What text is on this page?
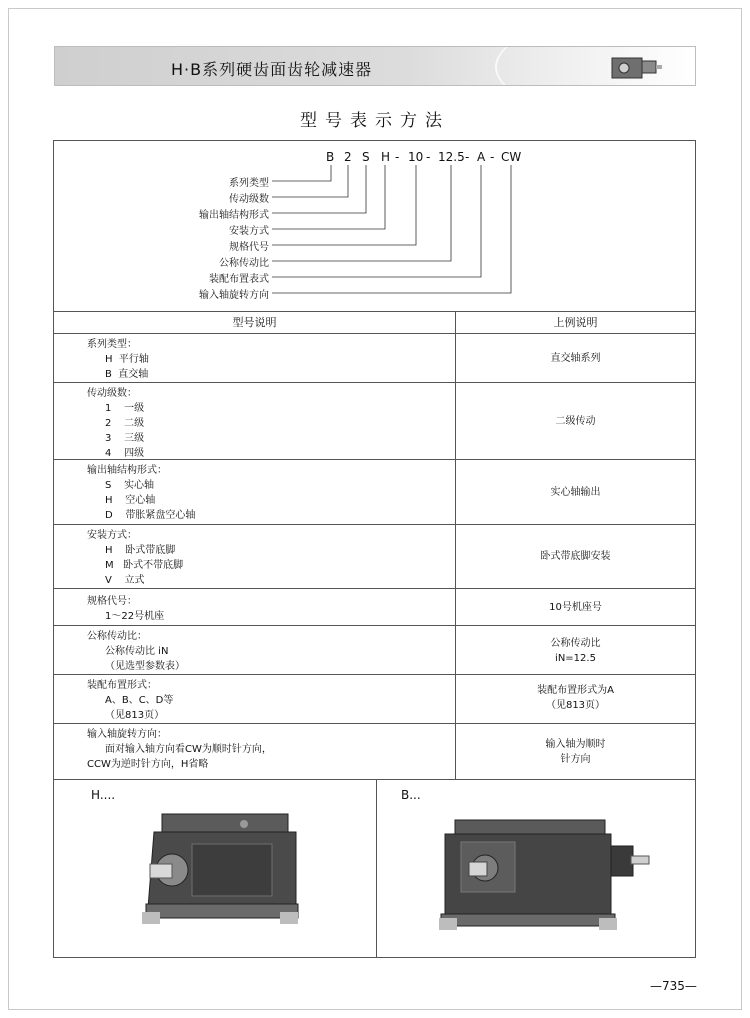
H·B系列硬齿面齿轮减速器
型号表示方法
B 2 S H - 10 - 12.5 - A - CW
系列类型
传动级数
输出轴结构形式
安装方式
规格代号
公称传动比
装配布置表式
输入轴旋转方向
型号说明	上例说明
系列类型：
H  平行轴
B  直交轴
直交轴系列
传动级数：
1    一级
2    二级
3    三级
4    四级
二级传动
输出轴结构形式：
S    实心轴
H    空心轴
D    带胀紧盘空心轴
实心轴输出
安装方式：
H    卧式带底脚
M   卧式不带底脚
V    立式
卧式带底脚安装
规格代号：
1～22号机座
10号机座号
公称传动比：
公称传动比 iN
（见选型参数表）
公称传动比
iN=12.5
装配布置形式：
A、B、C、D等
（见813页）
装配布置形式为A
（见813页）
输入轴旋转方向：
面对输入轴方向看CW为顺时针方向，
CCW为逆时针方向，H省略
输入轴为顺时
针方向
H....	B...
—735—
